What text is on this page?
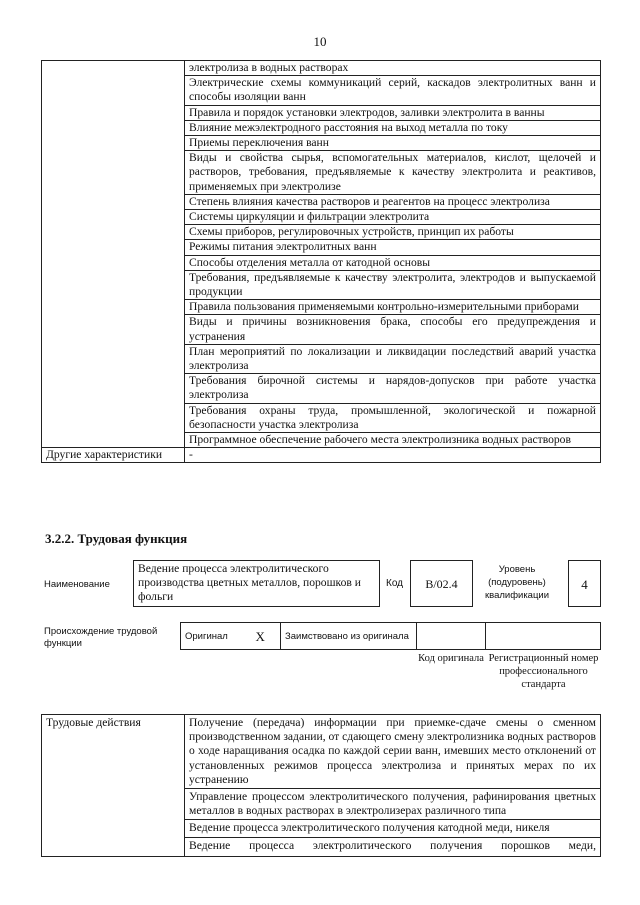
10
	электролиза в водных растворах
	Электрические схемы коммуникаций серий, каскадов электролитных ванн и способы изоляции ванн
	Правила и порядок установки электродов, заливки электролита в ванны
	Влияние межэлектродного расстояния на выход металла по току
	Приемы переключения ванн
	Виды и свойства сырья, вспомогательных материалов, кислот, щелочей и растворов, требования, предъявляемые к качеству электролита и реактивов, применяемых при электролизе
	Степень влияния качества растворов и реагентов на процесс электролиза
	Системы циркуляции и фильтрации электролита
	Схемы приборов, регулировочных устройств, принцип их работы
	Режимы питания электролитных ванн
	Способы отделения металла от катодной основы
	Требования, предъявляемые к качеству электролита, электродов и выпускаемой продукции
	Правила пользования применяемыми контрольно-измерительными приборами
	Виды и причины возникновения брака, способы его предупреждения и устранения
	План мероприятий по локализации и ликвидации последствий аварий участка электролиза
	Требования бирочной системы и нарядов-допусков при работе участка электролиза
	Требования охраны труда, промышленной, экологической и пожарной безопасности участка электролиза
	Программное обеспечение рабочего места электролизника водных растворов
Другие характеристики	-
3.2.2. Трудовая функция
Наименование
Ведение процесса электролитического производства цветных металлов, порошков и фольги
Код	В/02.4
Уровень (подуровень) квалификации
4
Происхождение трудовой функции
Оригинал	X	Заимствовано из оригинала		
Код оригинала Регистрационный номер профессионального стандарта
Трудовые действия	Получение (передача) информации при приемке-сдаче смены о сменном производственном задании, от сдающего смену электролизника водных растворов о ходе наращивания осадка по каждой серии ванн, имевших место отклонений от установленных режимов процесса электролиза и принятых мерах по их устранению
Управление процессом электролитического получения, рафинирования цветных металлов в водных растворах в электролизерах различного типа
Ведение процесса электролитического получения катодной меди, никеля
Ведение процесса электролитического получения порошков меди,
